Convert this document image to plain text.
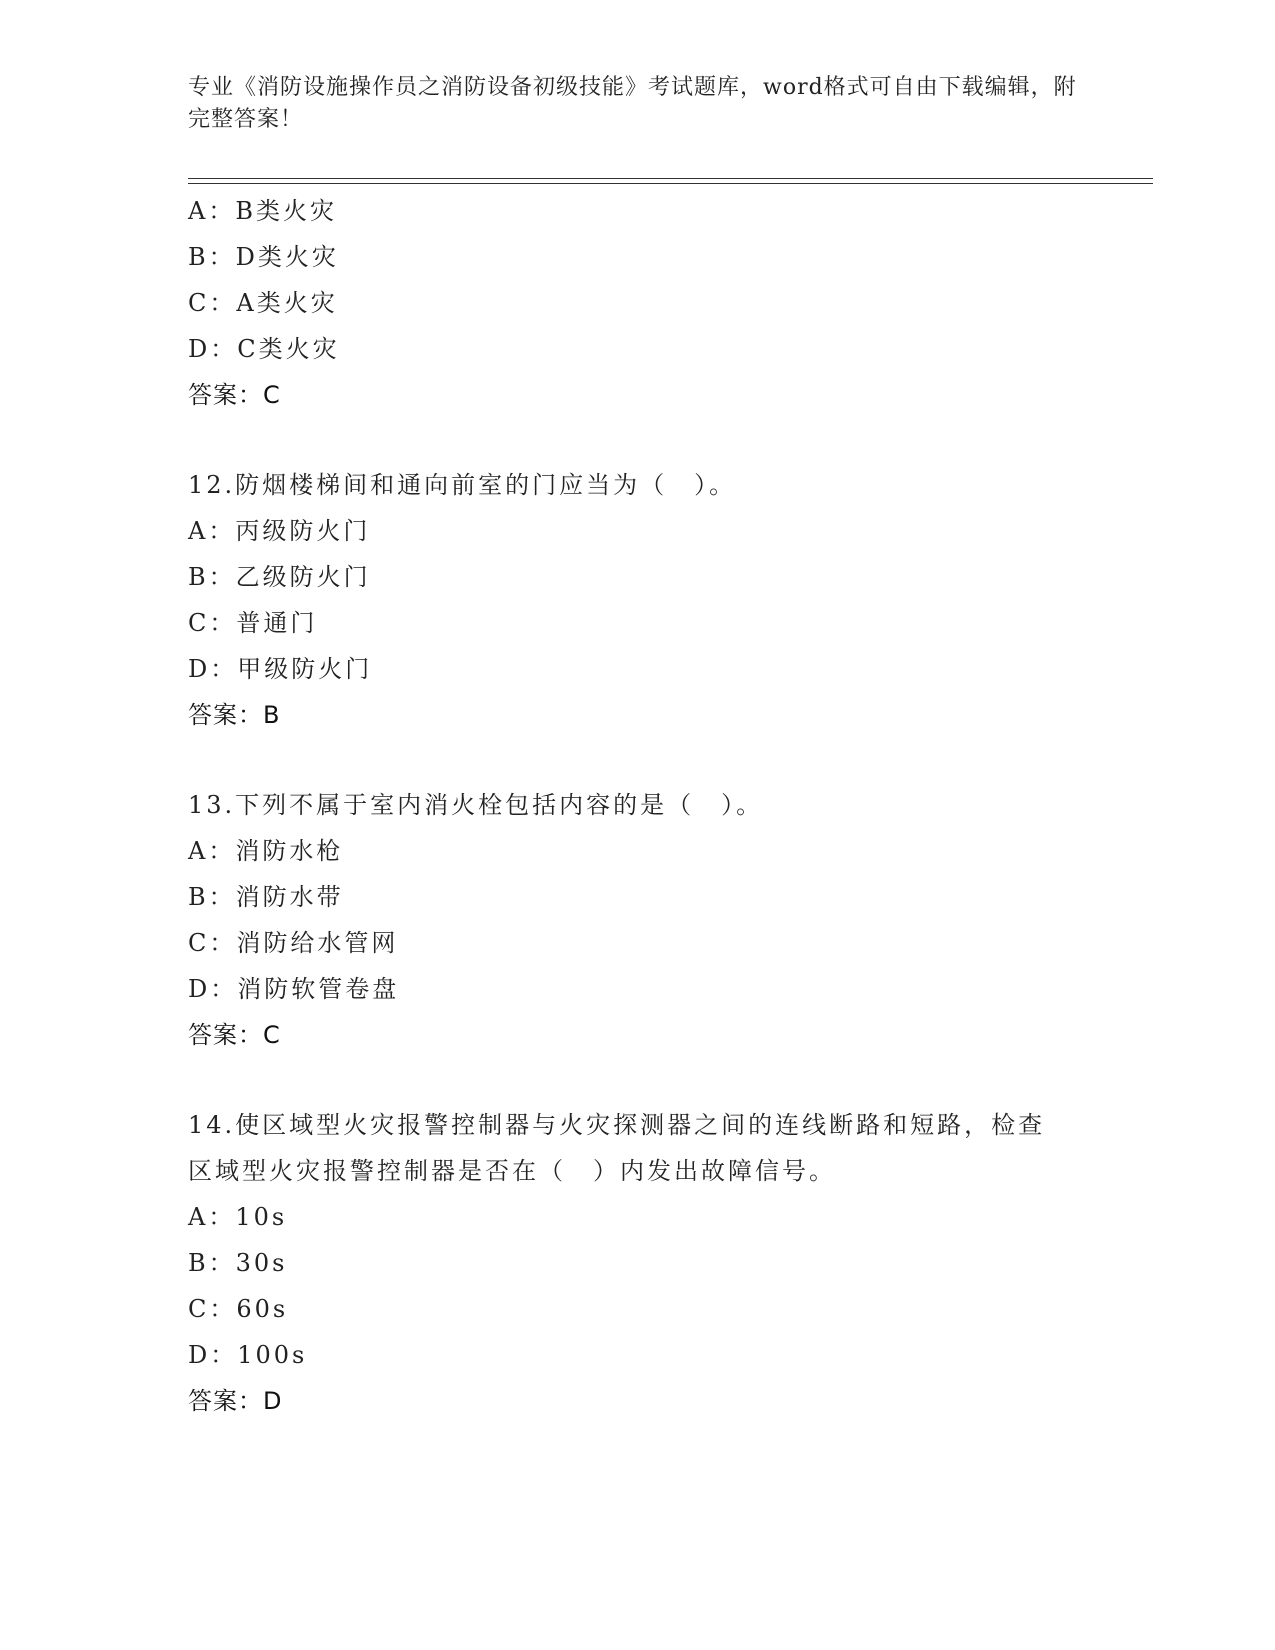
专业《消防设施操作员之消防设备初级技能》考试题库，word格式可自由下载编辑，附完整答案！
A：B类火灾
B：D类火灾
C：A类火灾
D：C类火灾
答案：C
12.防烟楼梯间和通向前室的门应当为（　）。
A：丙级防火门
B：乙级防火门
C：普通门
D：甲级防火门
答案：B
13.下列不属于室内消火栓包括内容的是（　）。
A：消防水枪
B：消防水带
C：消防给水管网
D：消防软管卷盘
答案：C
14.使区域型火灾报警控制器与火灾探测器之间的连线断路和短路，检查区域型火灾报警控制器是否在（　）内发出故障信号。
A：10s
B：30s
C：60s
D：100s
答案：D
